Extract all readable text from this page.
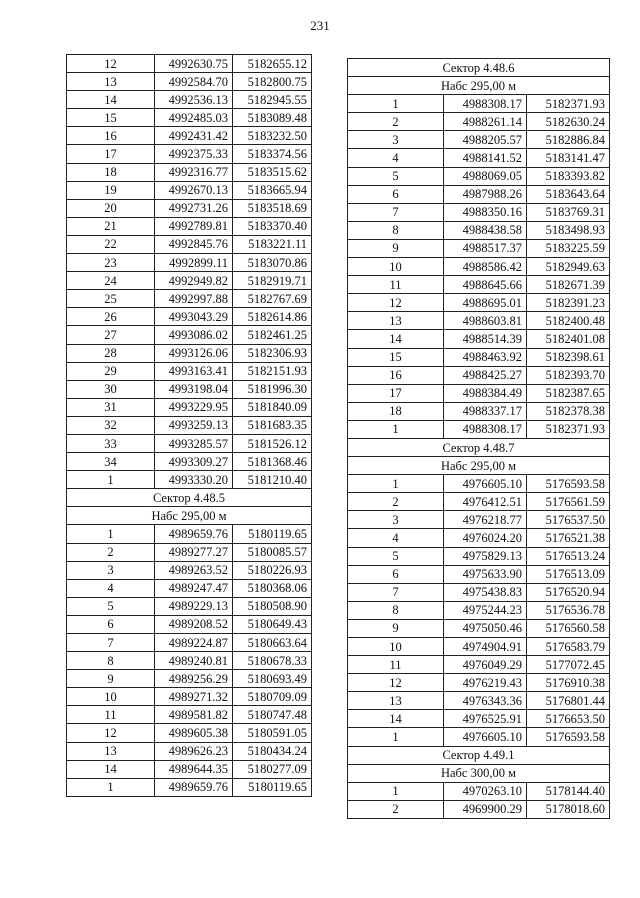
231
12	4992630.75	5182655.12
13	4992584.70	5182800.75
14	4992536.13	5182945.55
15	4992485.03	5183089.48
16	4992431.42	5183232.50
17	4992375.33	5183374.56
18	4992316.77	5183515.62
19	4992670.13	5183665.94
20	4992731.26	5183518.69
21	4992789.81	5183370.40
22	4992845.76	5183221.11
23	4992899.11	5183070.86
24	4992949.82	5182919.71
25	4992997.88	5182767.69
26	4993043.29	5182614.86
27	4993086.02	5182461.25
28	4993126.06	5182306.93
29	4993163.41	5182151.93
30	4993198.04	5181996.30
31	4993229.95	5181840.09
32	4993259.13	5181683.35
33	4993285.57	5181526.12
34	4993309.27	5181368.46
1	4993330.20	5181210.40
Сектор 4.48.5		
Набс 295,00 м		
1	4989659.76	5180119.65
2	4989277.27	5180085.57
3	4989263.52	5180226.93
4	4989247.47	5180368.06
5	4989229.13	5180508.90
6	4989208.52	5180649.43
7	4989224.87	5180663.64
8	4989240.81	5180678.33
9	4989256.29	5180693.49
10	4989271.32	5180709.09
11	4989581.82	5180747.48
12	4989605.38	5180591.05
13	4989626.23	5180434.24
14	4989644.35	5180277.09
1	4989659.76	5180119.65
Сектор 4.48.6		
Набс 295,00 м		
1	4988308.17	5182371.93
2	4988261.14	5182630.24
3	4988205.57	5182886.84
4	4988141.52	5183141.47
5	4988069.05	5183393.82
6	4987988.26	5183643.64
7	4988350.16	5183769.31
8	4988438.58	5183498.93
9	4988517.37	5183225.59
10	4988586.42	5182949.63
11	4988645.66	5182671.39
12	4988695.01	5182391.23
13	4988603.81	5182400.48
14	4988514.39	5182401.08
15	4988463.92	5182398.61
16	4988425.27	5182393.70
17	4988384.49	5182387.65
18	4988337.17	5182378.38
1	4988308.17	5182371.93
Сектор 4.48.7		
Набс 295,00 м		
1	4976605.10	5176593.58
2	4976412.51	5176561.59
3	4976218.77	5176537.50
4	4976024.20	5176521.38
5	4975829.13	5176513.24
6	4975633.90	5176513.09
7	4975438.83	5176520.94
8	4975244.23	5176536.78
9	4975050.46	5176560.58
10	4974904.91	5176583.79
11	4976049.29	5177072.45
12	4976219.43	5176910.38
13	4976343.36	5176801.44
14	4976525.91	5176653.50
1	4976605.10	5176593.58
Сектор 4.49.1		
Набс 300,00 м		
1	4970263.10	5178144.40
2	4969900.29	5178018.60
